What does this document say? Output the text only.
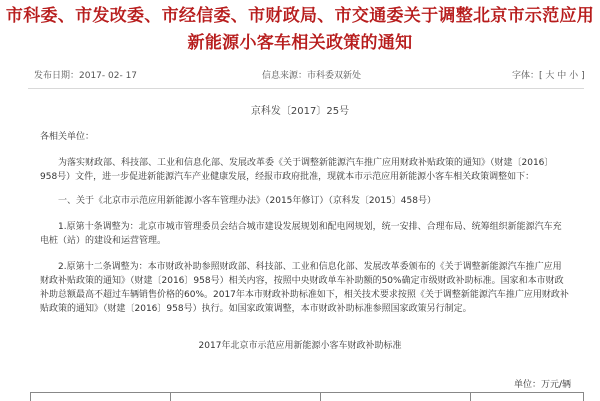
市科委、市发改委、市经信委、市财政局、市交通委关于调整北京市示范应用
新能源小客车相关政策的通知
发布日期：2017- 02- 17	信息来源：市科委双新处	字体：[ 大 中 小 ]
京科发〔2017〕25号

各相关单位：

为落实财政部、科技部、工业和信息化部、发展改革委《关于调整新能源汽车推广应用财政补贴政策的通知》（财建〔2016〕958号）文件，进一步促进新能源汽车产业健康发展，经报市政府批准，现就本市示范应用新能源小客车相关政策调整如下：

一、关于《北京市示范应用新能源小客车管理办法》（2015年修订）（京科发〔2015〕458号）

1.原第十条调整为：北京市城市管理委员会结合城市建设发展规划和配电网规划，统一安排、合理布局、统筹组织新能源汽车充电桩（站）的建设和运营管理。

2.原第十二条调整为：本市财政补助参照财政部、科技部、工业和信息化部、发展改革委颁布的《关于调整新能源汽车推广应用财政补贴政策的通知》（财建〔2016〕958号）相关内容，按照中央财政单车补助额的50%确定市级财政补助标准。国家和本市财政补助总额最高不超过车辆销售价格的60%。2017年本市财政补助标准如下，相关技术要求按照《关于调整新能源汽车推广应用财政补贴政策的通知》（财建〔2016〕958号）执行。如国家政策调整，本市财政补助标准参照国家政策另行制定。

2017年北京市示范应用新能源小客车财政补助标准
单位：万元/辆
